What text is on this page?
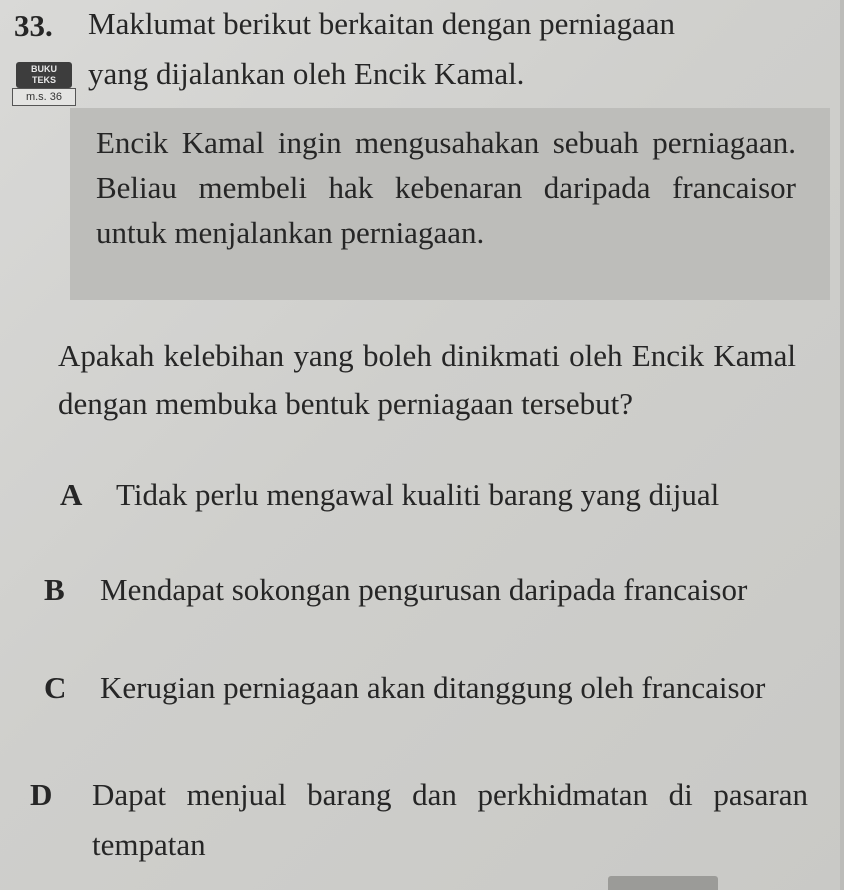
33. Maklumat berikut berkaitan dengan perniagaan
BUKU
TEKS
m.s. 36
yang dijalankan oleh Encik Kamal.
Encik Kamal ingin mengusahakan sebuah perniagaan. Beliau membeli hak kebenaran daripada francaisor untuk menjalankan perniagaan.
Apakah kelebihan yang boleh dinikmati oleh Encik Kamal dengan membuka bentuk perniagaan tersebut?
A Tidak perlu mengawal kualiti barang yang dijual
B Mendapat sokongan pengurusan daripada francaisor
C Kerugian perniagaan akan ditanggung oleh francaisor
D Dapat menjual barang dan perkhidmatan di pasaran tempatan
